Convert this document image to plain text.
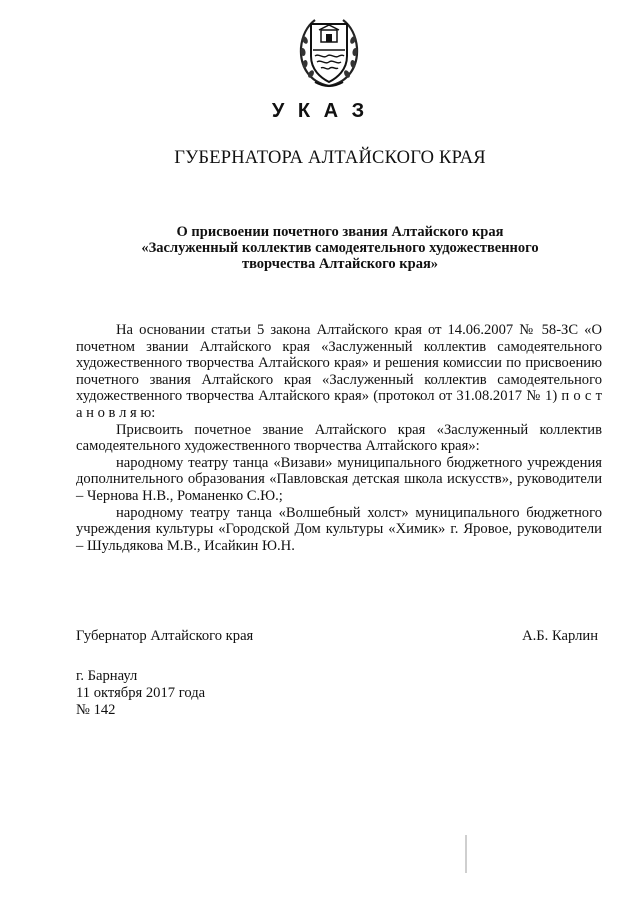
У К А З
ГУБЕРНАТОРА АЛТАЙСКОГО КРАЯ
О присвоении почетного звания Алтайского края
«Заслуженный коллектив самодеятельного художественного
творчества Алтайского края»

На основании статьи 5 закона Алтайского края от 14.06.2007 № 58-ЗС «О почетном звании Алтайского края «Заслуженный коллектив самодеятельного художественного творчества Алтайского края» и решения комиссии по присвоению почетного звания Алтайского края «Заслуженный коллектив самодеятельного художественного творчества Алтайского края» (протокол от 31.08.2017 № 1) п о с т а н о в л я ю:

Присвоить почетное звание Алтайского края «Заслуженный коллектив самодеятельного художественного творчества Алтайского края»:

народному театру танца «Визави» муниципального бюджетного учреждения дополнительного образования «Павловская детская школа искусств», руководители – Чернова Н.В., Романенко С.Ю.;

народному театру танца «Волшебный холст» муниципального бюджетного учреждения культуры «Городской Дом культуры «Химик» г. Яровое, руководители – Шульдякова М.В., Исайкин Ю.Н.

Губернатор Алтайского края	А.Б. Карлин
г. Барнаул
11 октября 2017 года
№ 142
